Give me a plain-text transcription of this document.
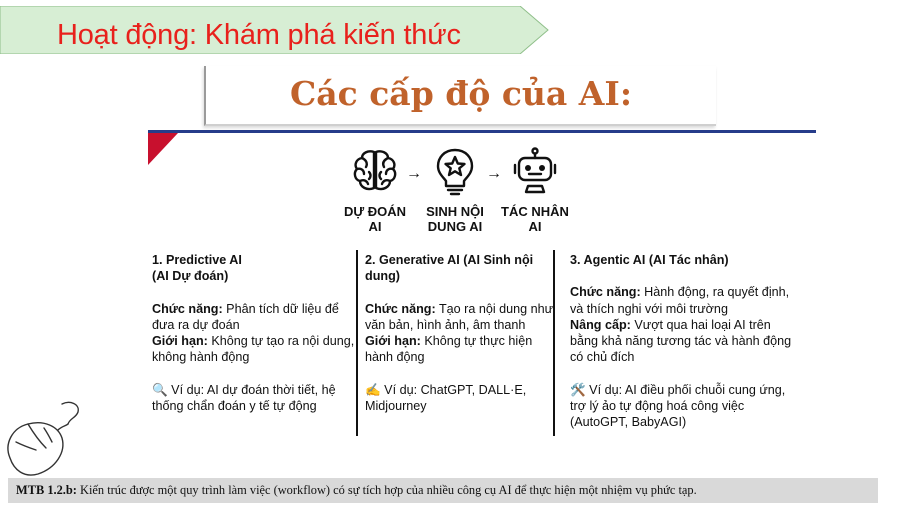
Hoạt động: Khám phá kiến thức
Các cấp độ của AI:
DỰ ĐOÁN AI
→
SINH NỘI DUNG AI
→
TÁC NHÂN AI
1. Predictive AI
(AI Dự đoán)
Chức năng: Phân tích dữ liệu để đưa ra dự đoán
Giới hạn: Không tự tạo ra nội dung, không hành động
🔍 Ví dụ: AI dự đoán thời tiết, hệ thống chẩn đoán y tế tự động
2. Generative AI (AI Sinh nội dung)
Chức năng: Tạo ra nội dung như văn bản, hình ảnh, âm thanh
Giới hạn: Không tự thực hiện hành động
✍️ Ví dụ: ChatGPT, DALL·E, Midjourney
3. Agentic AI (AI Tác nhân)
Chức năng: Hành động, ra quyết định, và thích nghi với môi trường
Nâng cấp: Vượt qua hai loại AI trên bằng khả năng tương tác và hành động có chủ đích
🛠️ Ví dụ: AI điều phối chuỗi cung ứng, trợ lý ảo tự động hoá công việc (AutoGPT, BabyAGI)
MTB 1.2.b: Kiến trúc được một quy trình làm việc (workflow) có sự tích hợp của nhiều công cụ AI để thực hiện một nhiệm vụ phức tạp.
